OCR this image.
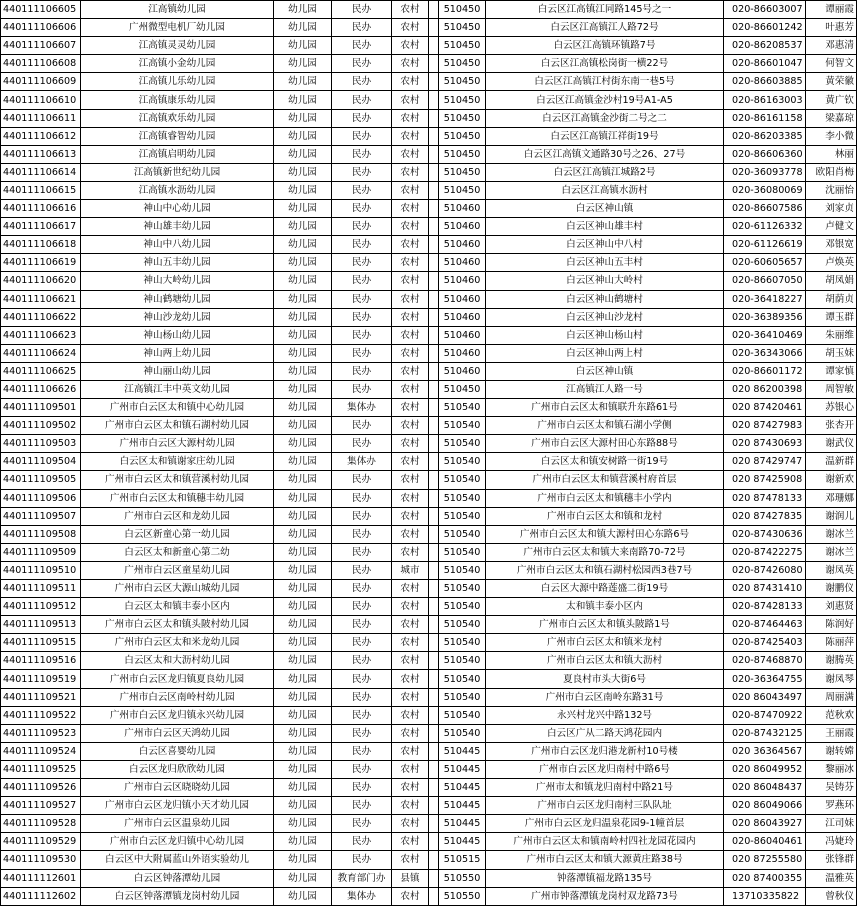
440111106605	江高镇幼儿园	幼儿园	民办	农村		510450	白云区江高镇江同路145号之一	020-86603007	谭丽霞
440111106606	广州微型电机厂幼儿园	幼儿园	民办	农村		510450	白云区江高镇江人路72号	020-86601242	叶惠芳
440111106607	江高镇灵灵幼儿园	幼儿园	民办	农村		510450	白云区江高镇环镇路7号	020-86208537	邓惠清
440111106608	江高镇小金幼儿园	幼儿园	民办	农村		510450	白云区江高镇松岗街一横22号	020-86601047	何智文
440111106609	江高镇儿乐幼儿园	幼儿园	民办	农村		510450	白云区江高镇江村街东南一巷5号	020-86603885	黄荣徽
440111106610	江高镇康乐幼儿园	幼儿园	民办	农村		510450	白云区江高镇金沙村19号A1-A5	020-86163003	黄广钦
440111106611	江高镇欢乐幼儿园	幼儿园	民办	农村		510450	白云区江高镇金沙街二号之二	020-86161158	梁嘉琼
440111106612	江高镇睿智幼儿园	幼儿园	民办	农村		510450	白云区江高镇江祥街19号	020-86203385	李小微
440111106613	江高镇启明幼儿园	幼儿园	民办	农村		510450	白云区江高镇文通路30号之26、27号	020-86606360	林丽
440111106614	江高镇新世纪幼儿园	幼儿园	民办	农村		510450	白云区江高镇江城路2号	020-36093778	欧阳肖梅
440111106615	江高镇水沥幼儿园	幼儿园	民办	农村		510450	白云区江高镇水沥村	020-36080069	沈丽怡
440111106616	神山中心幼儿园	幼儿园	民办	农村		510460	白云区神山镇	020-86607586	刘家贞
440111106617	神山雄丰幼儿园	幼儿园	民办	农村		510460	白云区神山雄丰村	020-61126332	卢健文
440111106618	神山中八幼儿园	幼儿园	民办	农村		510460	白云区神山中八村	020-61126619	邓银宽
440111106619	神山五丰幼儿园	幼儿园	民办	农村		510460	白云区神山五丰村	020-60605657	卢焕英
440111106620	神山大岭幼儿园	幼儿园	民办	农村		510460	白云区神山大岭村	020-86607050	胡凤娟
440111106621	神山鹤塘幼儿园	幼儿园	民办	农村		510460	白云区神山鹤塘村	020-36418227	胡荫贞
440111106622	神山沙龙幼儿园	幼儿园	民办	农村		510460	白云区神山沙龙村	020-36389356	谭玉群
440111106623	神山杨山幼儿园	幼儿园	民办	农村		510460	白云区神山杨山村	020-36410469	朱丽维
440111106624	神山两上幼儿园	幼儿园	民办	农村		510460	白云区神山两上村	020-36343066	胡玉妹
440111106625	神山丽山幼儿园	幼儿园	民办	农村		510460	白云区神山镇	020-86601172	谭家慎
440111106626	江高镇江丰中英文幼儿园	幼儿园	民办	农村		510450	江高镇江人路一号	020 86200398	周智敏
440111109501	广州市白云区太和镇中心幼儿园	幼儿园	集体办	农村		510540	广州市白云区太和镇联升东路61号	020 87420461	苏银心
440111109502	广州市白云区太和镇石湖村幼儿园	幼儿园	民办	农村		510540	广州市白云区太和镇石湖小学侧	020 87427983	张杏开
440111109503	广州市白云区大源村幼儿园	幼儿园	民办	农村		510540	广州市白云区大源村田心东路88号	020 87430693	谢武仪
440111109504	白云区太和镇谢家庄幼儿园	幼儿园	集体办	农村		510540	白云区太和镇安树路一街19号	020 87429747	温新群
440111109505	广州市白云区太和镇营溪村幼儿园	幼儿园	民办	农村		510540	广州市白云区太和镇营溪村府首层	020 87425908	谢新欢
440111109506	广州市白云区太和镇穗丰幼儿园	幼儿园	民办	农村		510540	广州市白云区太和镇穗丰小学内	020 87478133	邓珊娜
440111109507	广州市白云区和龙幼儿园	幼儿园	民办	农村		510540	广州市白云区太和镇和龙村	020 87427835	谢润儿
440111109508	白云区新童心第一幼儿园	幼儿园	民办	农村		510540	广州市白云区太和镇大源村田心东路6号	020-87430636	谢冰兰
440111109509	白云区太和新童心第二幼	幼儿园	民办	农村		510540	广州市白云区太和镇大来南路70-72号	020-87422275	谢冰兰
440111109510	广州市白云区童星幼儿园	幼儿园	民办	城市		510540	广州市白云区太和镇石湖村松园西3巷7号	020-87426080	谢凤英
440111109511	广州市白云区大源山城幼儿园	幼儿园	民办	农村		510540	白云区大源中路莲盛二街19号	020 87431410	谢鹏仪
440111109512	白云区太和镇丰泰小区内	幼儿园	民办	农村		510540	太和镇丰泰小区内	020-87428133	刘惠贤
440111109513	广州市白云区太和镇头陂村幼儿园	幼儿园	民办	农村		510540	广州市白云区太和镇头陂路1号	020-87464463	陈润好
440111109515	广州市白云区太和米龙幼儿园	幼儿园	民办	农村		510540	广州市白云区太和镇米龙村	020-87425403	陈丽萍
440111109516	白云区太和大沥村幼儿园	幼儿园	民办	农村		510540	广州市白云区太和镇大沥村	020-87468870	谢腾英
440111109519	广州市白云区龙归镇夏良幼儿园	幼儿园	民办	农村		510540	夏良村市头大街6号	020-36364755	谢凤琴
440111109521	广州市白云区南岭村幼儿园	幼儿园	民办	农村		510540	广州市白云区南岭东路31号	020 86043497	周丽满
440111109522	广州市白云区龙归镇永兴幼儿园	幼儿园	民办	农村		510540	永兴村龙兴中路132号	020-87470922	范秋欢
440111109523	广州市白云区天鸿幼儿园	幼儿园	民办	农村		510540	白云区广从二路天鸿花园内	020-87432125	王丽霞
440111109524	白云区喜婴幼儿园	幼儿园	民办	农村		510445	广州市白云区龙归港龙新村10号楼	020 36364567	谢转嫦
440111109525	白云区龙归欣欣幼儿园	幼儿园	民办	农村		510445	广州市白云区龙归南村中路6号	020 86049952	黎丽冰
440111109526	广州市白云区晓晓幼儿园	幼儿园	民办	农村		510445	广州市太和镇龙归南村中路21号	020 86048437	吴铸芬
440111109527	广州市白云区龙归镇小天才幼儿园	幼儿园	民办	农村		510445	广州市白云区龙归南村三队队址	020 86049066	罗燕环
440111109528	广州市白云区温泉幼儿园	幼儿园	民办	农村		510445	广州市白云区龙归温泉花园9-1幢首层	020 86043927	江司妹
440111109529	广州市白云区龙归镇中心幼儿园	幼儿园	民办	农村		510445	广州市白云区太和镇南岭村四社龙园花园内	020-86040461	冯婕玲
440111109530	白云区中大附属蓝山外语实验幼儿	幼儿园	民办	农村		510515	广州市白云区太和镇大源黄庄路38号	020 87255580	张锋群
440111112601	白云区钟落潭幼儿园	幼儿园	教育部门办	县镇		510550	钟落潭镇福龙路135号	020 87400355	温雅英
440111112602	白云区钟落潭镇龙岗村幼儿园	幼儿园	集体办	农村		510550	广州市钟落潭镇龙岗村双龙路73号	13710335822	曾秋仪
